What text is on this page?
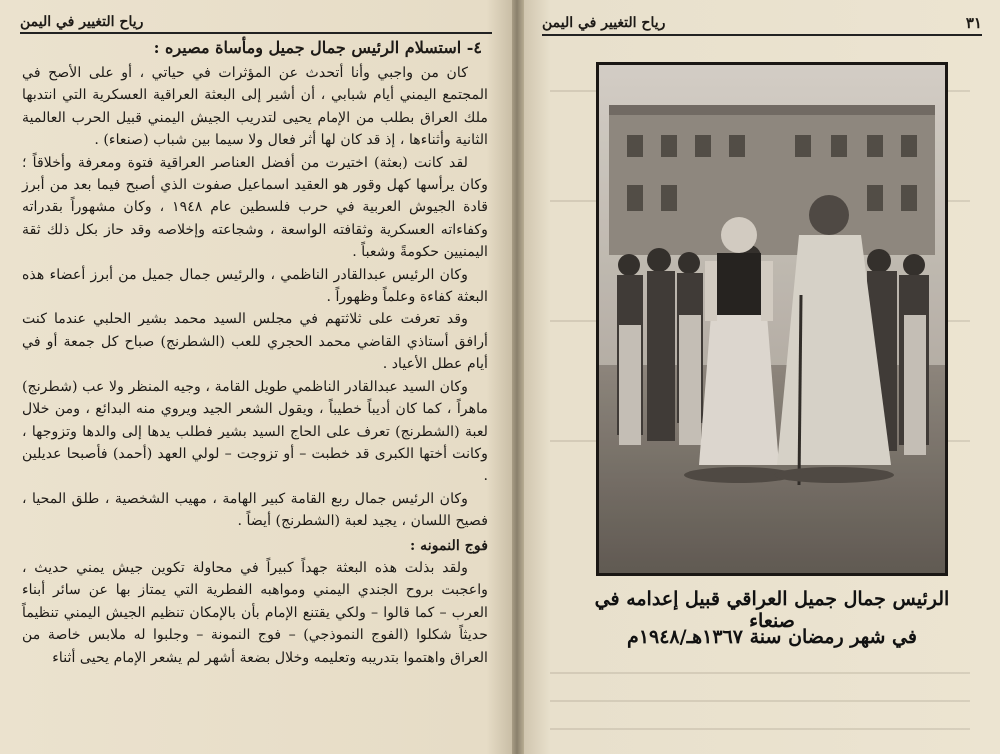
٣١
رياح التغيير في اليمن
الرئيس جمال جميل العراقي قبيل إعدامه في صنعاء
في شهر رمضان سنة ١٣٦٧هـ/١٩٤٨م
رياح التغيير في اليمن
٤- استسلام الرئيس جمال جميل ومأساة مصيره :

كان من واجبي وأنا أتحدث عن المؤثرات في حياتي ، أو على الأصح في المجتمع اليمني أيام شبابي ، أن أشير إلى البعثة العراقية العسكرية التي انتدبها ملك العراق بطلب من الإمام يحيى لتدريب الجيش اليمني قبيل الحرب العالمية الثانية وأثناءها ، إذ قد كان لها أثر فعال ولا سيما بين شباب (صنعاء) .

لقد كانت (بعثة) اختيرت من أفضل العناصر العراقية فتوة ومعرفة وأخلاقاً ؛ وكان يرأسها كهل وقور هو العقيد اسماعيل صفوت الذي أصبح فيما بعد من أبرز قادة الجيوش العربية في حرب فلسطين عام ١٩٤٨ ، وكان مشهوراً بقدراته وكفاءاته العسكرية وثقافته الواسعة ، وشجاعته وإخلاصه وقد حاز بكل ذلك ثقة اليمنيين حكومةً وشعباً .

وكان الرئيس عبدالقادر الناظمي ، والرئيس جمال جميل من أبرز أعضاء هذه البعثة كفاءة وعلماً وظهوراً .

وقد تعرفت على ثلاثتهم في مجلس السيد محمد بشير الحلبي عندما كنت أرافق أستاذي القاضي محمد الحجري للعب (الشطرنج) صباح كل جمعة أو في أيام عطل الأعياد .

وكان السيد عبدالقادر الناظمي طويل القامة ، وجيه المنظر ولا عب (شطرنج) ماهراً ، كما كان أديباً خطيباً ، ويقول الشعر الجيد ويروي منه البدائع ، ومن خلال لعبة (الشطرنج) تعرف على الحاج السيد بشير فطلب يدها إلى والدها وتزوجها ، وكانت أختها الكبرى قد خطبت – أو تزوجت – لولي العهد (أحمد) فأصبحا عديلين .

وكان الرئيس جمال ربع القامة كبير الهامة ، مهيب الشخصية ، طلق المحيا ، فصيح اللسان ، يجيد لعبة (الشطرنج) أيضاً .

فوج النمونه :

ولقد بذلت هذه البعثة جهداً كبيراً في محاولة تكوين جيش يمني حديث ، واعجبت بروح الجندي اليمني ومواهبه الفطرية التي يمتاز بها عن سائر أبناء العرب – كما قالوا – ولكي يقتنع الإمام بأن بالإمكان تنظيم الجيش اليمني تنظيماً حديثاً شكلوا (الفوج النموذجي) – فوج النمونة – وجلبوا له ملابس خاصة من العراق واهتموا بتدريبه وتعليمه وخلال بضعة أشهر لم يشعر الإمام يحيى أثناء
